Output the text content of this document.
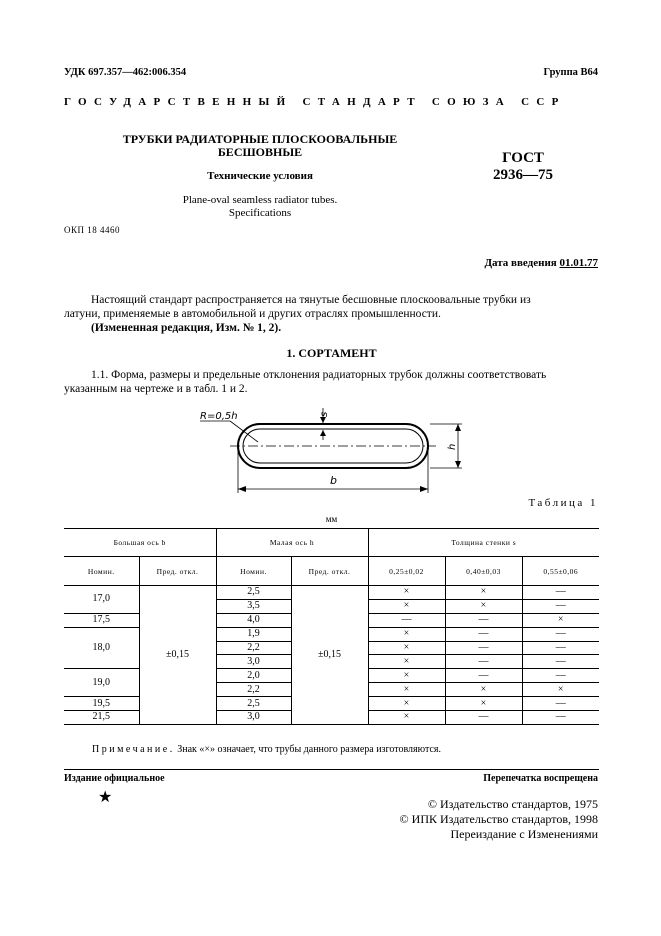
УДК 697.357—462:006.354	Группа В64
ГОСУДАРСТВЕННЫЙ СТАНДАРТ СОЮЗА ССР
ТРУБКИ РАДИАТОРНЫЕ ПЛОСКООВАЛЬНЫЕ
БЕСШОВНЫЕ
Технические условия
Plane-oval seamless radiator tubes.
Specifications
ГОСТ
2936—75
ОКП 18 4460
Дата введения 01.01.77
Настоящий стандарт распространяется на тянутые бесшовные плоскоовальные трубки из
латуни, применяемые в автомобильной и других отраслях промышленности.
(Измененная редакция, Изм. № 1, 2).
1. СОРТАМЕНТ
1.1. Форма, размеры и предельные отклонения радиаторных трубок должны соответствовать
указанным на чертеже и в табл. 1 и 2.
R=0,5h	s
h
b
Таблица 1
мм
Большая ось b		Малая ось h		Толщина стенки s		
Номин.	Пред. откл.	Номин.	Пред. откл.	0,25±0,02	0,40±0,03	0,55±0,06
17,0	±0,15	2,5	±0,15	×	×	—
		3,5		×	×	—
17,5		4,0		—	—	×
18,0		1,9		×	—	—
		2,2		×	—	—
		3,0		×	—	—
19,0		2,0		×	—	—
		2,2		×	×	×
19,5		2,5		×	×	—
21,5		3,0		×	—	—
Примечание. Знак «×» означает, что трубы данного размера изготовляются.
Издание официальное	Перепечатка воспрещена
★	© Издательство стандартов, 1975
© ИПК Издательство стандартов, 1998
Переиздание с Изменениями
